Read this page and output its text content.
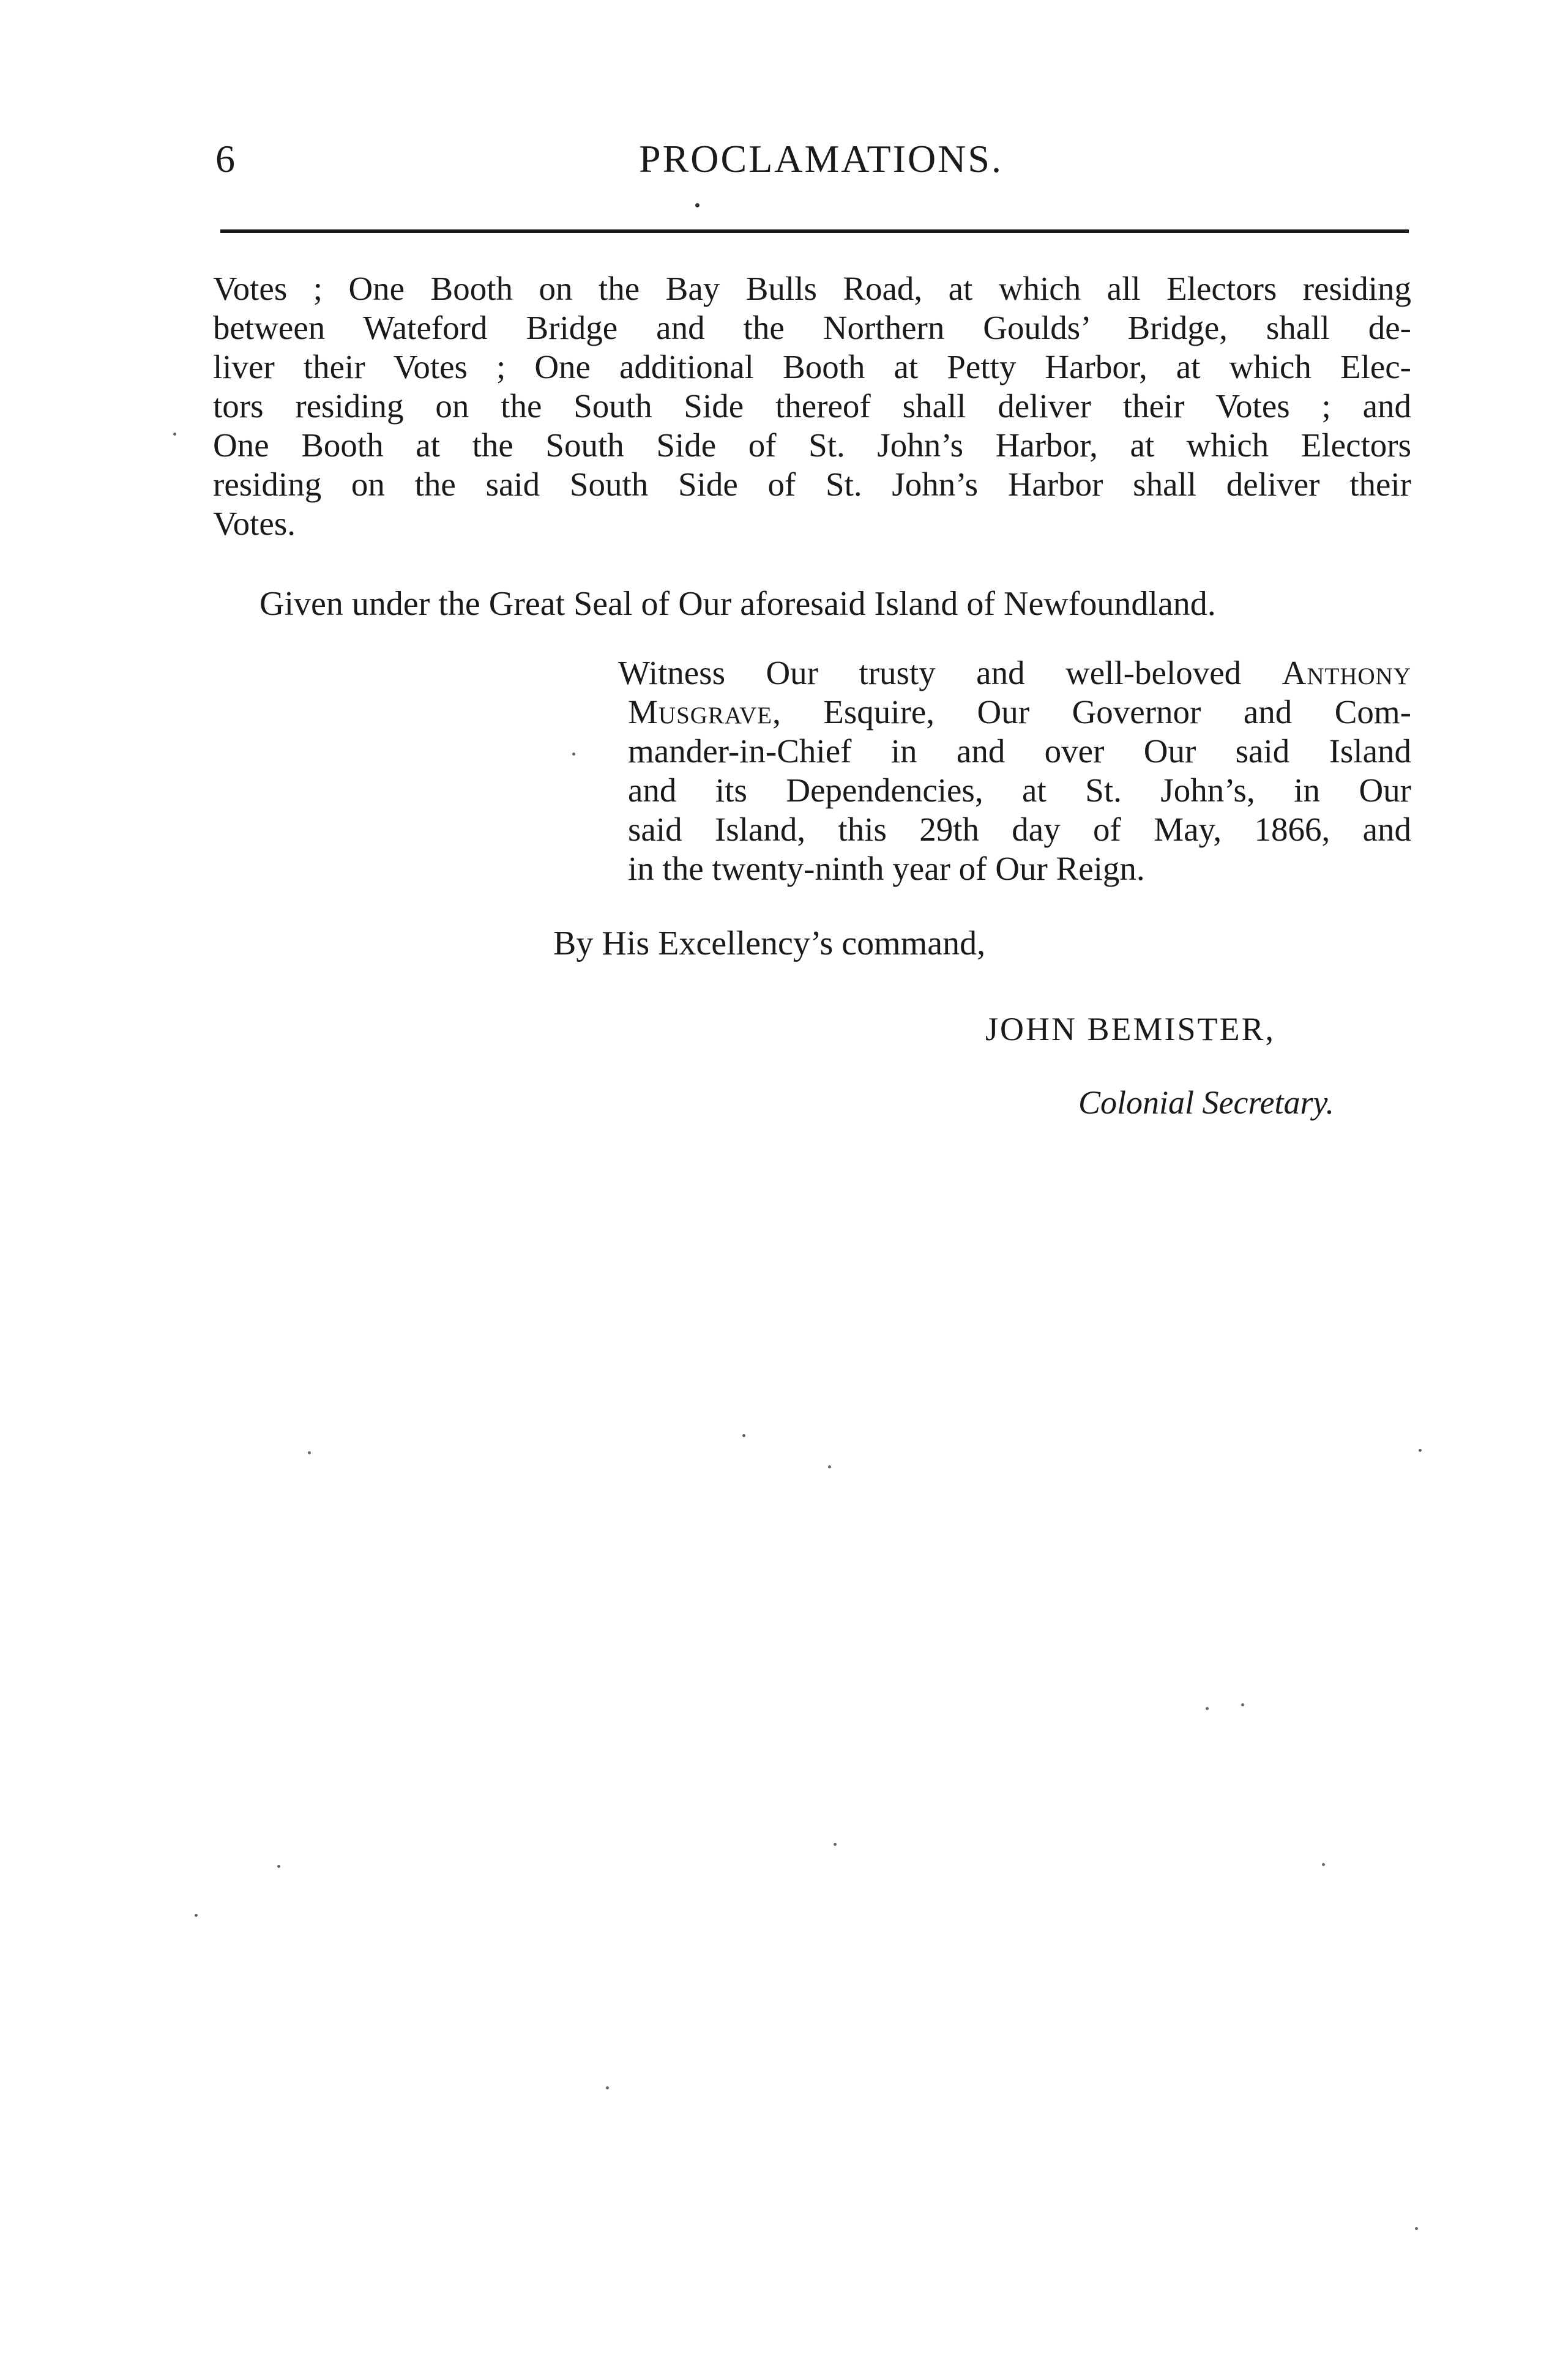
6	PROCLAMATIONS.
Votes ; One Booth on the Bay Bulls Road, at which all Electors residing
between Wateford Bridge and the Northern Goulds’ Bridge, shall de-
liver their Votes ; One additional Booth at Petty Harbor, at which Elec-
tors residing on the South Side thereof shall deliver their Votes ; and
One Booth at the South Side of St. John’s Harbor, at which Electors
residing on the said South Side of St. John’s Harbor shall deliver their
Votes.
Given under the Great Seal of Our aforesaid Island of Newfoundland.
Witness Our trusty and well-beloved Anthony
Musgrave, Esquire, Our Governor and Com-
mander-in-Chief in and over Our said Island
and its Dependencies, at St. John’s, in Our
said Island, this 29th day of May, 1866, and
in the twenty-ninth year of Our Reign.
By His Excellency’s command,
JOHN BEMISTER,
Colonial Secretary.
